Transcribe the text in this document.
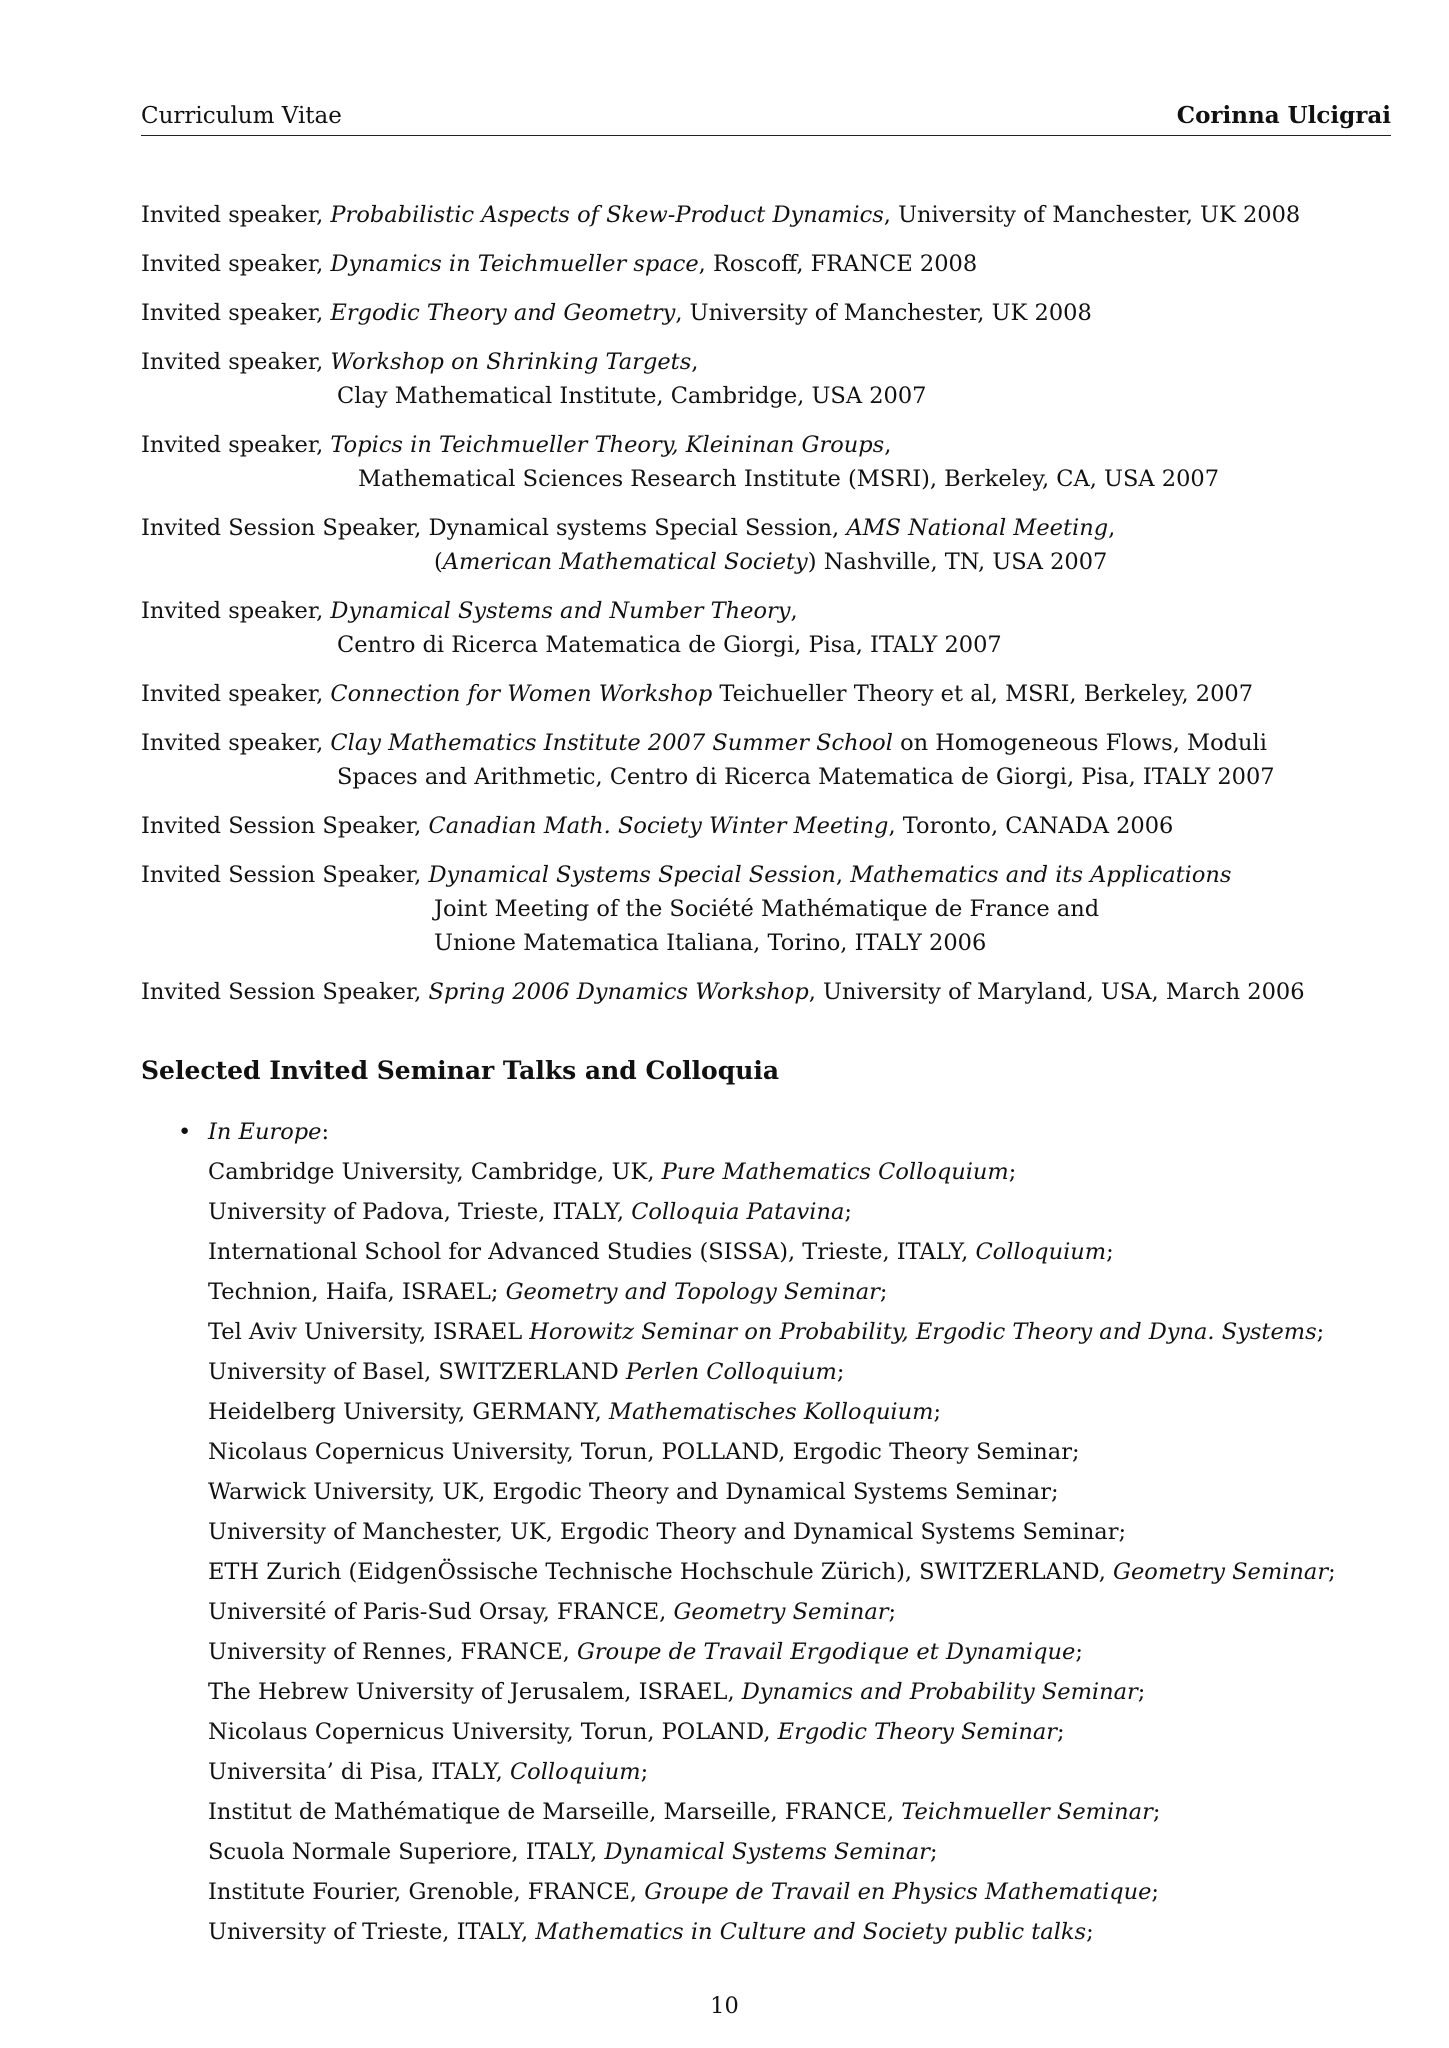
Curriculum Vitae	Corinna Ulcigrai
Invited speaker, Probabilistic Aspects of Skew-Product Dynamics, University of Manchester, UK 2008
Invited speaker, Dynamics in Teichmueller space, Roscoff, FRANCE 2008
Invited speaker, Ergodic Theory and Geometry, University of Manchester, UK 2008
Invited speaker, Workshop on Shrinking Targets,
Clay Mathematical Institute, Cambridge, USA 2007
Invited speaker, Topics in Teichmueller Theory, Kleininan Groups,
Mathematical Sciences Research Institute (MSRI), Berkeley, CA, USA 2007
Invited Session Speaker, Dynamical systems Special Session, AMS National Meeting,
(American Mathematical Society) Nashville, TN, USA 2007
Invited speaker, Dynamical Systems and Number Theory,
Centro di Ricerca Matematica de Giorgi, Pisa, ITALY 2007
Invited speaker, Connection for Women Workshop Teichueller Theory et al, MSRI, Berkeley, 2007
Invited speaker, Clay Mathematics Institute 2007 Summer School on Homogeneous Flows, Moduli
Spaces and Arithmetic, Centro di Ricerca Matematica de Giorgi, Pisa, ITALY 2007
Invited Session Speaker, Canadian Math. Society Winter Meeting, Toronto, CANADA 2006
Invited Session Speaker, Dynamical Systems Special Session, Mathematics and its Applications
Joint Meeting of the Société Mathématique de France and
Unione Matematica Italiana, Torino, ITALY 2006
Invited Session Speaker, Spring 2006 Dynamics Workshop, University of Maryland, USA, March 2006
Selected Invited Seminar Talks and Colloquia
• In Europe:
Cambridge University, Cambridge, UK, Pure Mathematics Colloquium;
University of Padova, Trieste, ITALY, Colloquia Patavina;
International School for Advanced Studies (SISSA), Trieste, ITALY, Colloquium;
Technion, Haifa, ISRAEL; Geometry and Topology Seminar;
Tel Aviv University, ISRAEL Horowitz Seminar on Probability, Ergodic Theory and Dyna. Systems;
University of Basel, SWITZERLAND Perlen Colloquium;
Heidelberg University, GERMANY, Mathematisches Kolloquium;
Nicolaus Copernicus University, Torun, POLLAND, Ergodic Theory Seminar;
Warwick University, UK, Ergodic Theory and Dynamical Systems Seminar;
University of Manchester, UK, Ergodic Theory and Dynamical Systems Seminar;
ETH Zurich (EidgenÖssische Technische Hochschule Zürich), SWITZERLAND, Geometry Seminar;
Université of Paris-Sud Orsay, FRANCE, Geometry Seminar;
University of Rennes, FRANCE, Groupe de Travail Ergodique et Dynamique;
The Hebrew University of Jerusalem, ISRAEL, Dynamics and Probability Seminar;
Nicolaus Copernicus University, Torun, POLAND, Ergodic Theory Seminar;
Universita’ di Pisa, ITALY, Colloquium;
Institut de Mathématique de Marseille, Marseille, FRANCE, Teichmueller Seminar;
Scuola Normale Superiore, ITALY, Dynamical Systems Seminar;
Institute Fourier, Grenoble, FRANCE, Groupe de Travail en Physics Mathematique;
University of Trieste, ITALY, Mathematics in Culture and Society public talks;
10
